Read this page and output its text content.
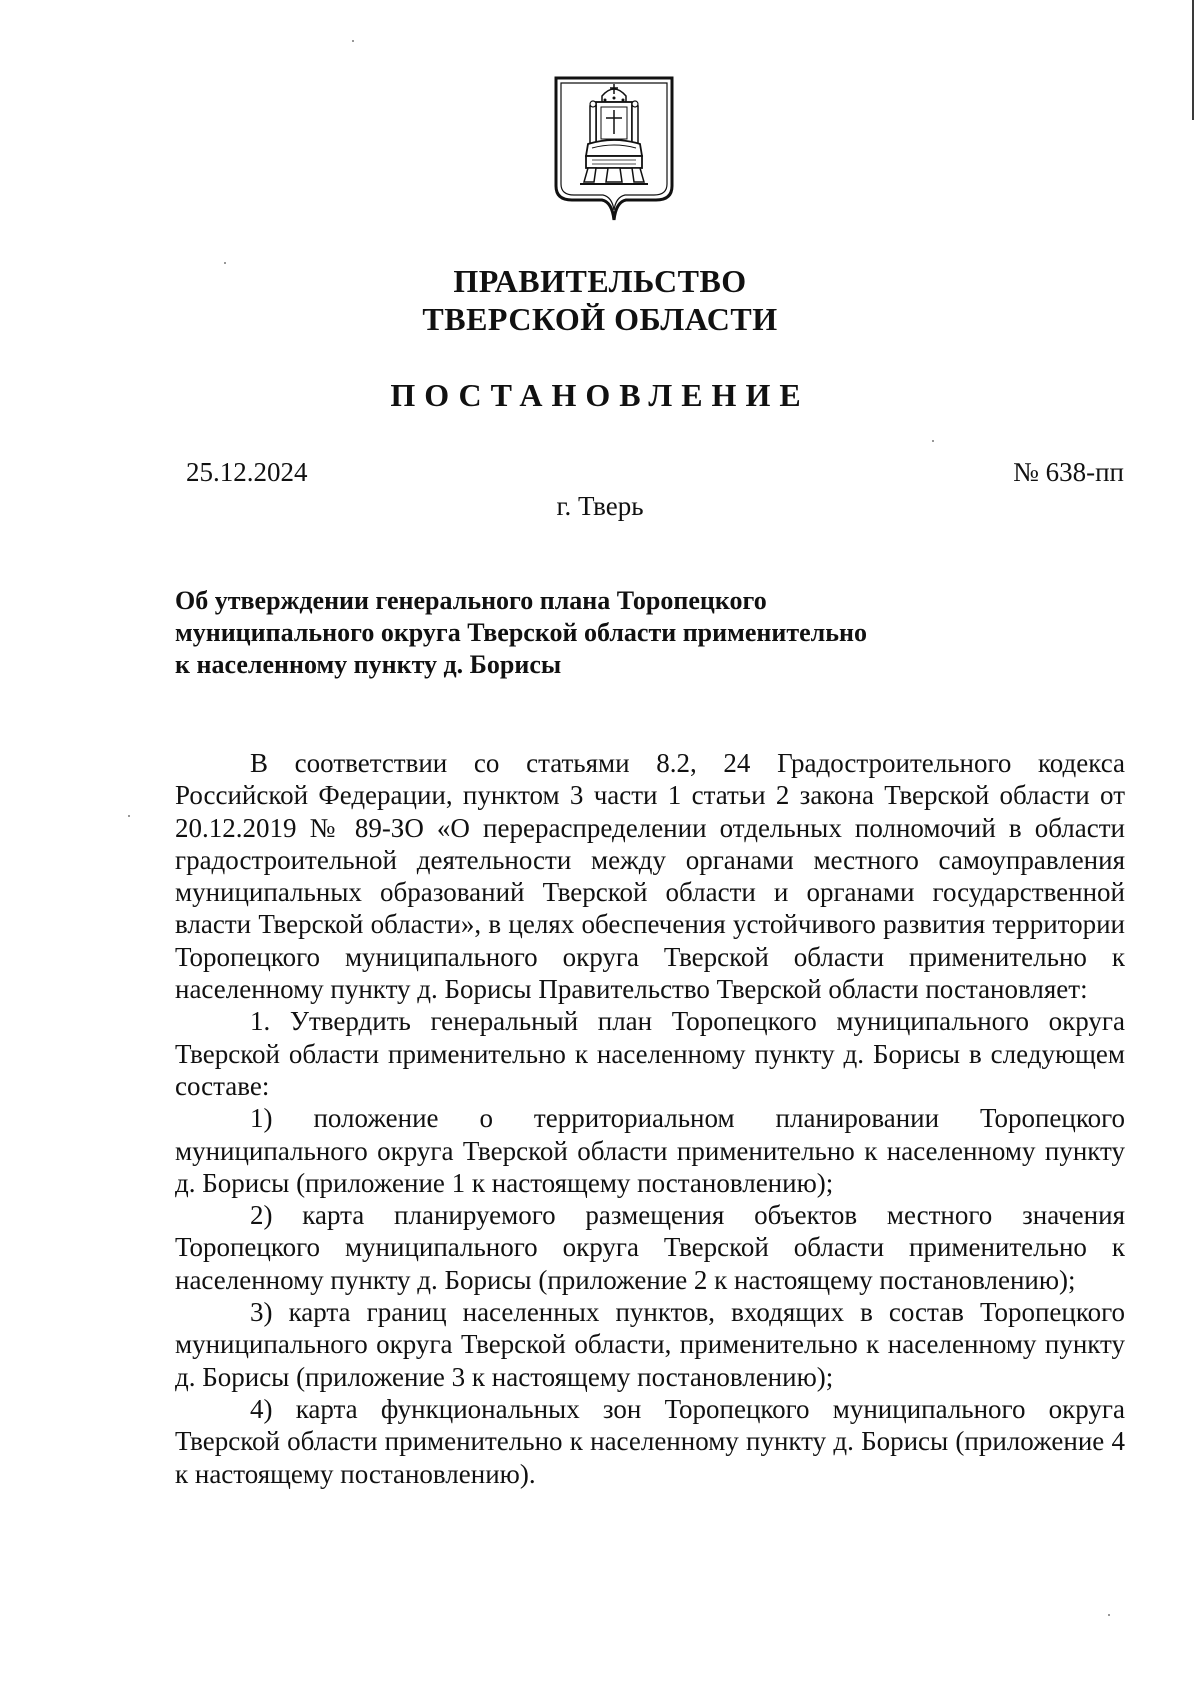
ПРАВИТЕЛЬСТВО
ТВЕРСКОЙ ОБЛАСТИ
ПОСТАНОВЛЕНИЕ
25.12.2024	№ 638-пп
г. Тверь
Об утверждении генерального плана Торопецкого
муниципального округа Тверской области применительно
к населенному пункту д. Борисы

В соответствии со статьями 8.2, 24 Градостроительного кодекса Российской Федерации, пунктом 3 части 1 статьи 2 закона Тверской области от 20.12.2019 № 89-ЗО «О перераспределении отдельных полномочий в области градостроительной деятельности между органами местного самоуправления муниципальных образований Тверской области и органами государственной власти Тверской области», в целях обеспечения устойчивого развития территории Торопецкого муниципального округа Тверской области применительно к населенному пункту д. Борисы Правительство Тверской области постановляет:

1. Утвердить генеральный план Торопецкого муниципального округа Тверской области применительно к населенному пункту д. Борисы в следующем составе:

1) положение о территориальном планировании Торопецкого муниципального округа Тверской области применительно к населенному пункту д. Борисы (приложение 1 к настоящему постановлению);

2) карта планируемого размещения объектов местного значения Торопецкого муниципального округа Тверской области применительно к населенному пункту д. Борисы (приложение 2 к настоящему постановлению);

3) карта границ населенных пунктов, входящих в состав Торопецкого муниципального округа Тверской области, применительно к населенному пункту д. Борисы (приложение 3 к настоящему постановлению);

4) карта функциональных зон Торопецкого муниципального округа Тверской области применительно к населенному пункту д. Борисы (приложение 4 к настоящему постановлению).
